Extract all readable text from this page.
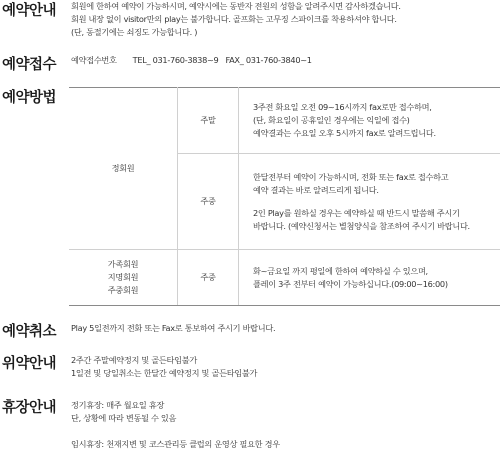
예약안내 회원에 한하여 예약이 가능하시며, 예약시에는 동반자 전원의 성함을 알려주시면 감사하겠습니다.
회원 내장 없이 visitor만의 play는 불가합니다. 골프화는 고무징 스파이크를 착용하셔야 합니다.
(단, 동절기에는 쇠징도 가능합니다. )
예약접수 예약접수번호 TEL_ 031-760-3838~9 FAX_ 031-760-3840~1
예약방법
정회원	주말	3주전 화요일 오전 09~16시까지 fax로만 접수하며,
(단, 화요일이 공휴일인 경우에는 익일에 접수)
예약결과는 수요일 오후 5시까지 fax로 알려드립니다.

	주중	한달전부터 예약이 가능하시며, 전화 또는 fax로 접수하고
예약 결과는 바로 알려드리게 됩니다.
2인 Play를 원하실 경우는 예약하실 때 반드시 말씀해 주시기
바랍니다. (예약신청서는 별첨양식을 참조하여 주시기 바랍니다.

가족회원
지명회원
주중회원	주중	화~금요일 까지 평일에 한하여 예약하실 수 있으며,
플레이 3주 전부터 예약이 가능하십니다.(09:00~16:00)
예약취소 Play 5일전까지 전화 또는 Fax로 통보하여 주시기 바랍니다.
위약안내 2주간 주말예약정지 및 골든타임불가
1일전 및 당일취소는 한달간 예약정지 및 골든타임불가
휴장안내 정기휴장: 매주 월요일 휴장
단, 상황에 따라 변동될 수 있음
임시휴장: 천재지변 및 코스관리등 클럽의 운영상 필요한 경우
